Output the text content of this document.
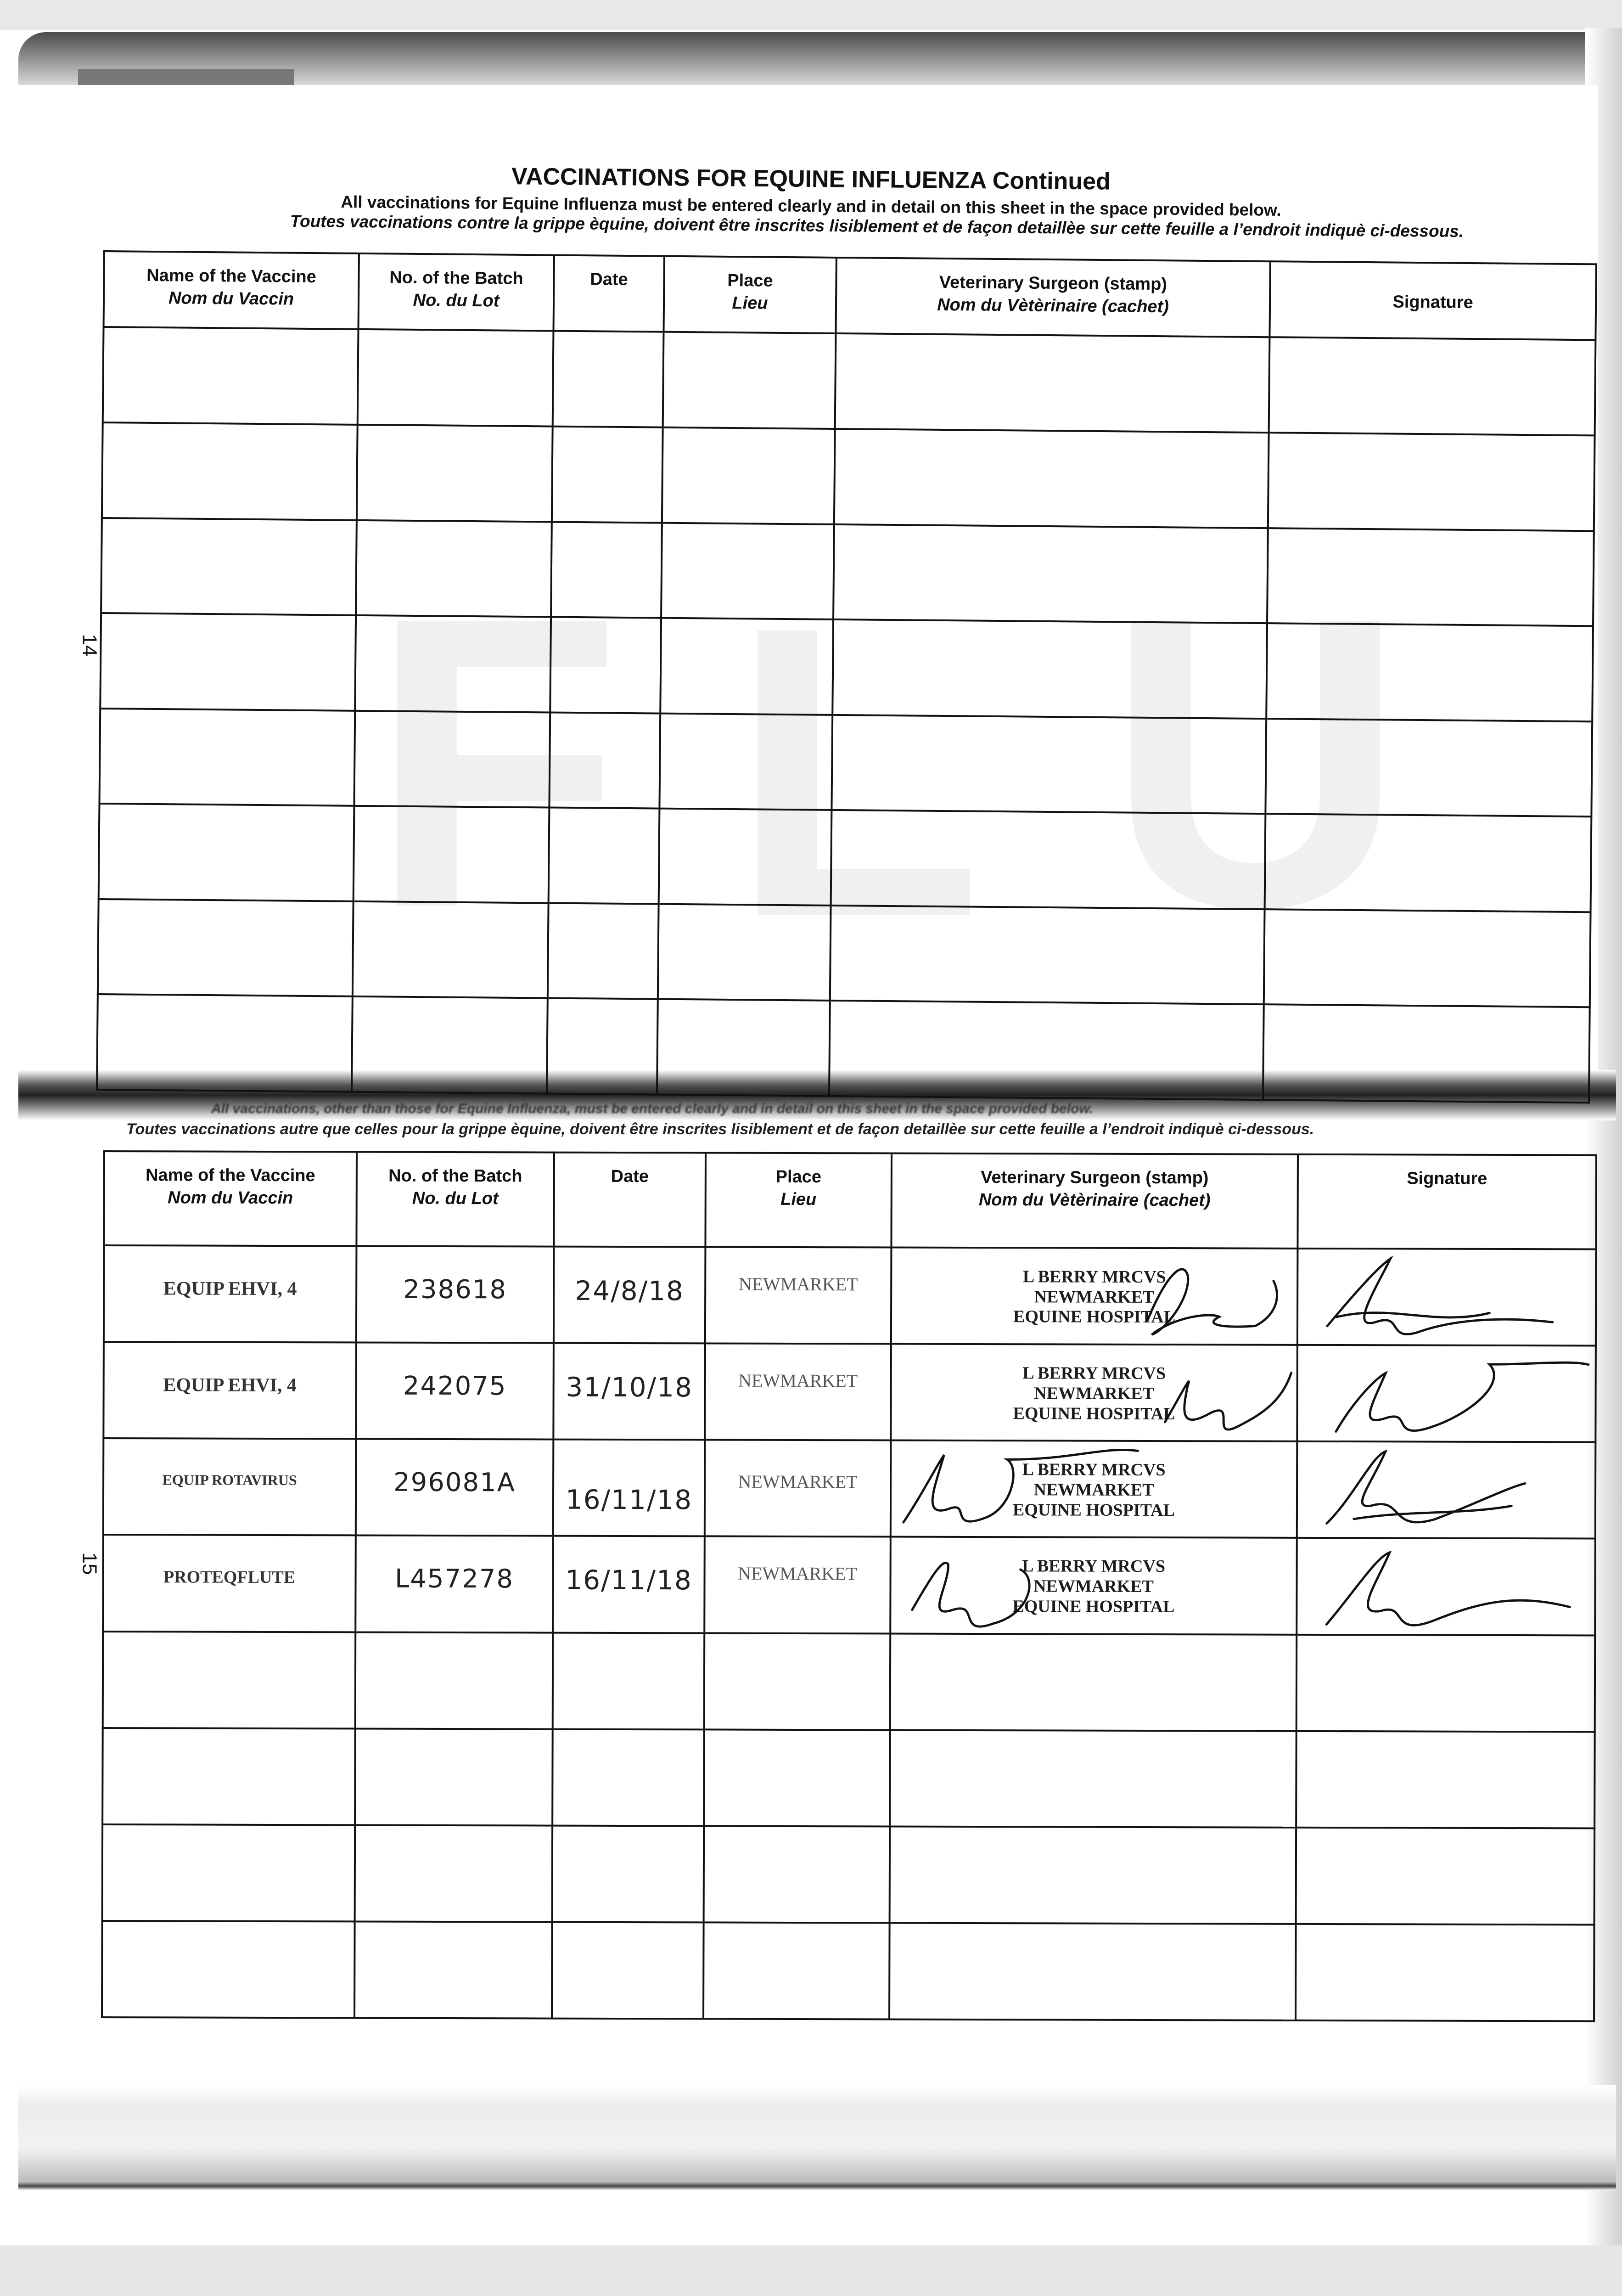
F L U
14
15
VACCINATIONS FOR EQUINE INFLUENZA Continued
All vaccinations for Equine Influenza must be entered clearly and in detail on this sheet in the space provided below.
Toutes vaccinations contre la grippe èquine, doivent être inscrites lisiblement et de façon detaillèe sur cette feuille a l’endroit indiquè ci-dessous.
Name of the Vaccine
Nom du Vaccin	No. of the Batch
No. du Lot	Date	Place
Lieu	Veterinary Surgeon (stamp)
Nom du Vètèrinaire (cachet)	Signature

All vaccinations, other than those for Equine Influenza, must be entered clearly and in detail on this sheet in the space provided below.
Toutes vaccinations autre que celles pour la grippe èquine, doivent être inscrites lisiblement et de façon detaillèe sur cette feuille a l’endroit indiquè ci-dessous.
Name of the Vaccine
Nom du Vaccin	No. of the Batch
No. du Lot	Date	Place
Lieu	Veterinary Surgeon (stamp)
Nom du Vètèrinaire (cachet)	Signature

EQUIP EHVI, 4	238618	24/8/18	NEWMARKET	L BERRY MRCVS
NEWMARKET
EQUINE HOSPITAL

EQUIP EHVI, 4	242075	31/10/18	NEWMARKET	L BERRY MRCVS
NEWMARKET
EQUINE HOSPITAL

EQUIP ROTAVIRUS	296081A	16/11/18	NEWMARKET	L BERRY MRCVS
NEWMARKET
EQUINE HOSPITAL

PROTEQFLUTE	L457278	16/11/18	NEWMARKET	L BERRY MRCVS
NEWMARKET
EQUINE HOSPITAL
